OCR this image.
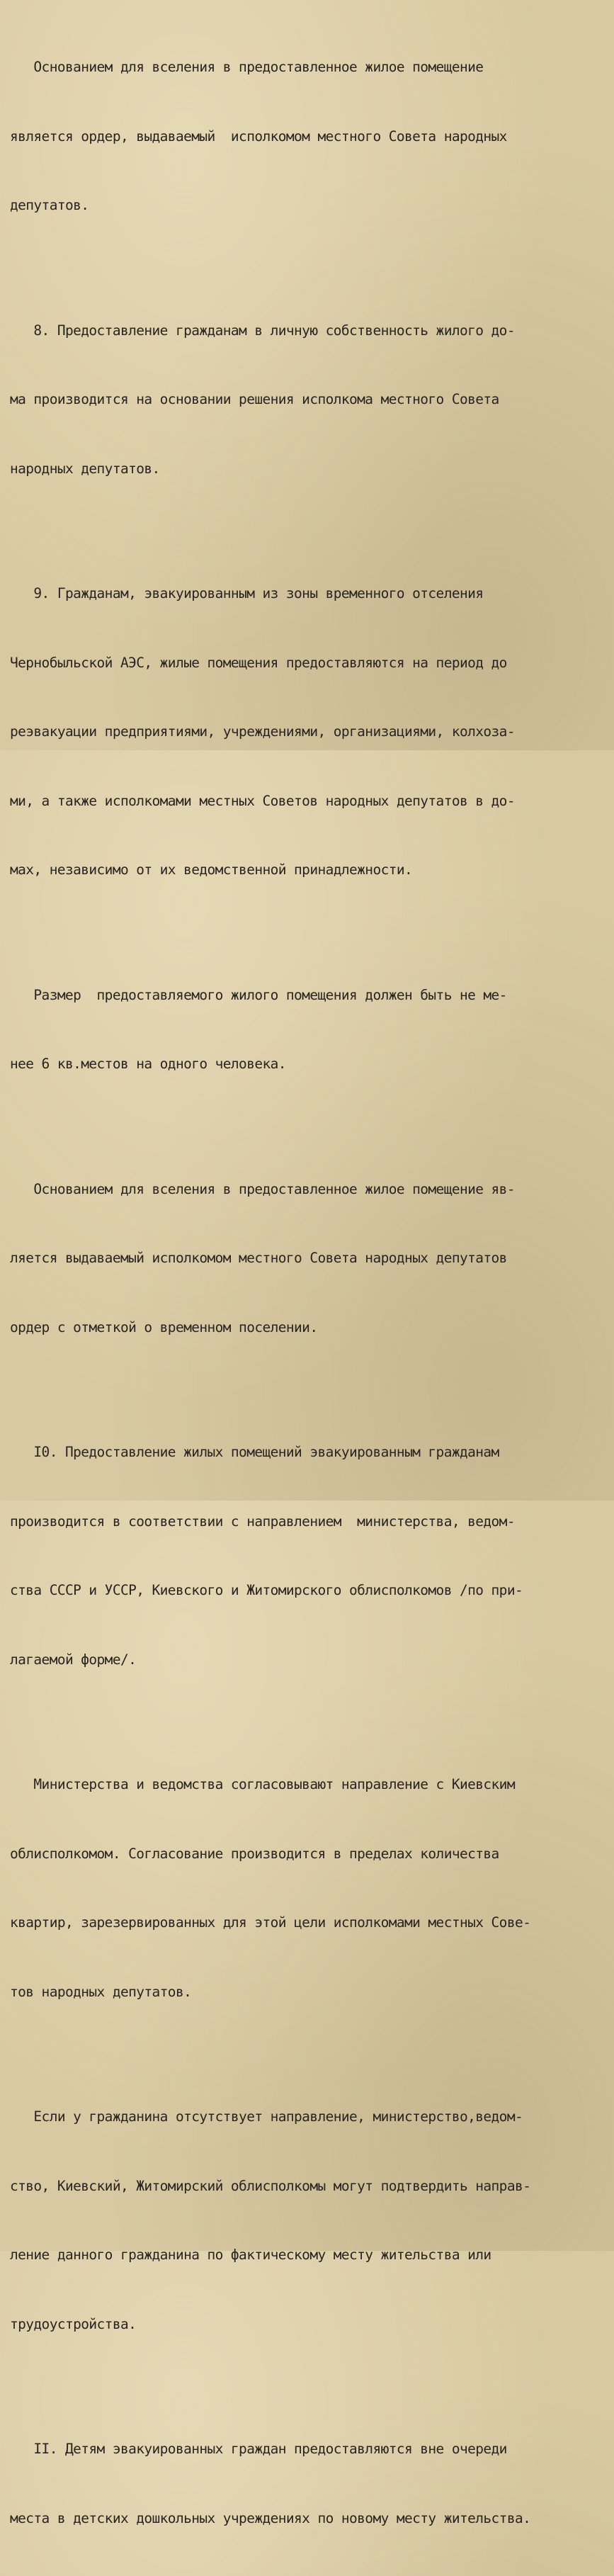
Основанием для вселения в предоставленное жилое помещение

является ордер, выдаваемый  исполкомом местного Совета народных

депутатов.

8. Предоставление гражданам в личную собственность жилого до-

ма производится на основании решения исполкома местного Совета

народных депутатов.

9. Гражданам, эвакуированным из зоны временного отселения

Чернобыльской АЭС, жилые помещения предоставляются на период до

реэвакуации предприятиями, учреждениями, организациями, колхоза-

ми, а также исполкомами местных Советов народных депутатов в до-

мах, независимо от их ведомственной принадлежности.

Размер  предоставляемого жилого помещения должен быть не ме-

нее 6 кв.местов на одного человека.

Основанием для вселения в предоставленное жилое помещение яв-

ляется выдаваемый исполкомом местного Совета народных депутатов

ордер с отметкой о временном поселении.

I0. Предоставление жилых помещений эвакуированным гражданам

производится в соответствии с направлением  министерства, ведом-

ства СССР и УССР, Киевского и Житомирского облисполкомов /по при-

лагаемой форме/.

Министерства и ведомства согласовывают направление с Киевским

облисполкомом. Согласование производится в пределах количества

квартир, зарезервированных для этой цели исполкомами местных Сове-

тов народных депутатов.

Если у гражданина отсутствует направление, министерство,ведом-

ство, Киевский, Житомирский облисполкомы могут подтвердить направ-

ление данного гражданина по фактическому месту жительства или

трудоустройства.

II. Детям эвакуированных граждан предоставляются вне очереди

места в детских дошкольных учреждениях по новому месту жительства.
